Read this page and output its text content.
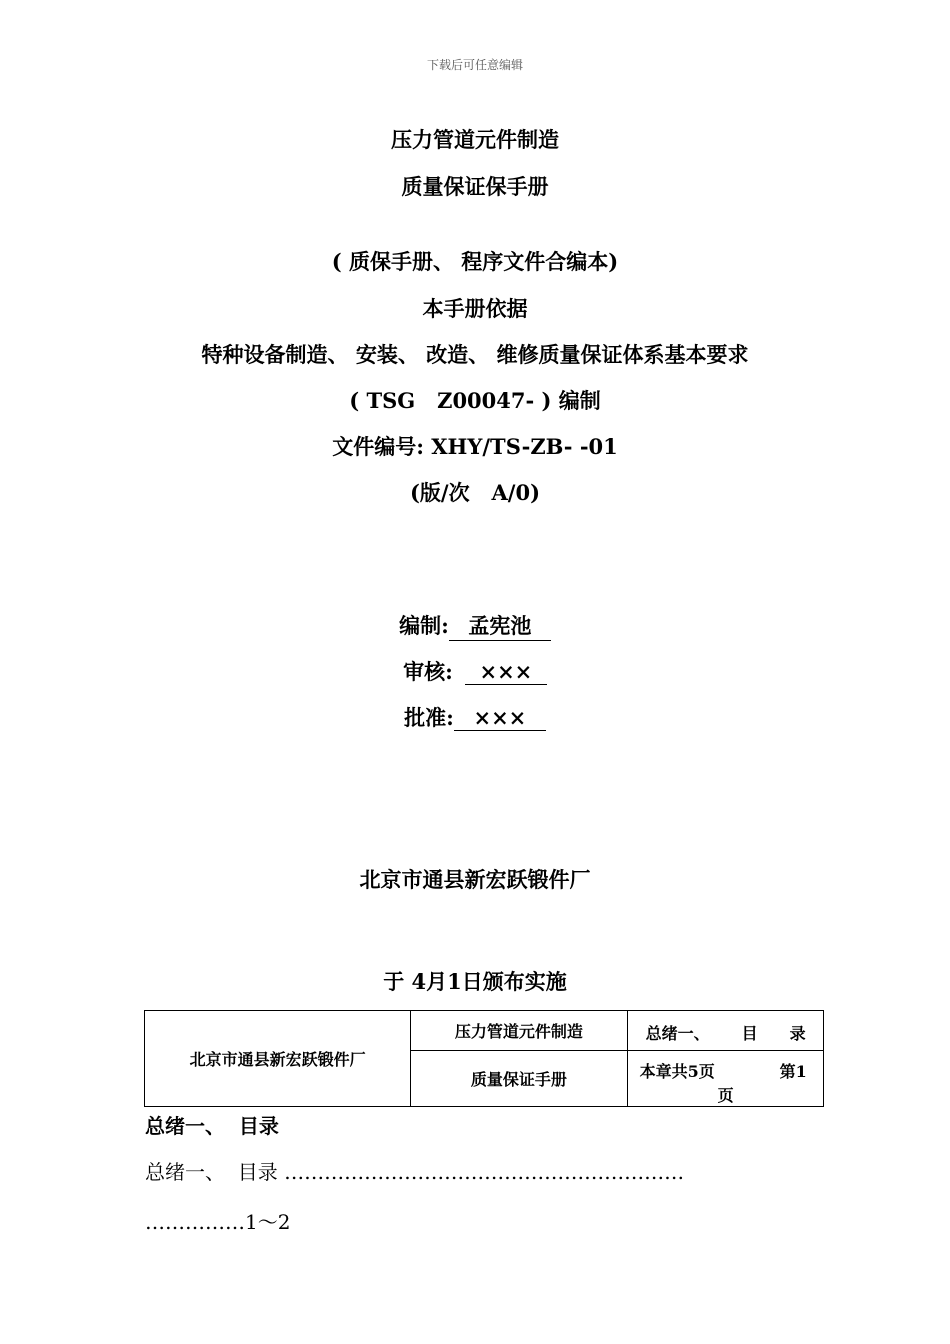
下载后可任意编辑
压力管道元件制造
质量保证保手册
( 质保手册、 程序文件合编本)
本手册依据
特种设备制造、 安装、 改造、 维修质量保证体系基本要求
( TSG   Z00047- ) 编制
文件编号: XHY/TS-ZB- -01
(版/次   A/0)
编制: 孟宪池
审核: ×××
批准: ×××
北京市通县新宏跃锻件厂
于 4月1日颁布实施
北京市通县新宏跃锻件厂	压力管道元件制造	总绪一、 目 录

	质量保证手册	本章共5页 第1
页
总绪一、  目录
总绪一、  目录 ……………………………………………………
……………1～2
